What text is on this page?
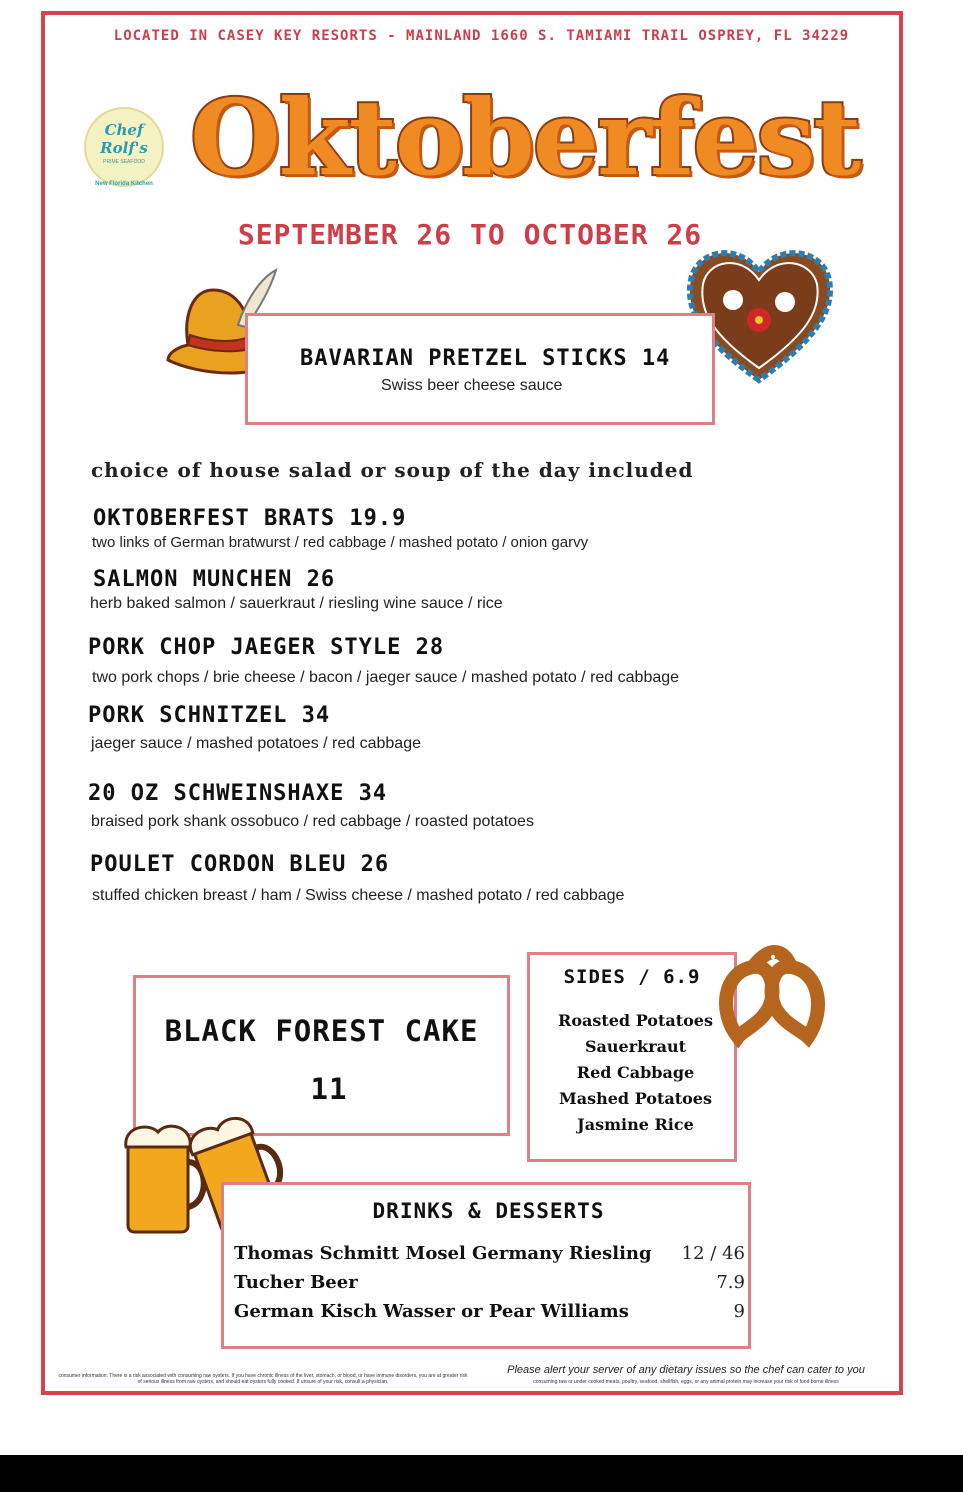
LOCATED IN CASEY KEY RESORTS - MAINLAND 1660 S. TAMIAMI TRAIL OSPREY, FL 34229
Oktoberfest
SEPTEMBER 26 TO OCTOBER 26
Chef Rolf's
PRIME SEAFOOD
New Florida Kitchen
BAVARIAN PRETZEL STICKS 14
Swiss beer cheese sauce
choice of house salad or soup of the day included
OKTOBERFEST BRATS 19.9
two links of German bratwurst / red cabbage / mashed potato / onion garvy
SALMON MUNCHEN 26
herb baked salmon / sauerkraut / riesling wine sauce / rice
PORK CHOP JAEGER STYLE 28
two pork chops / brie cheese / bacon / jaeger sauce / mashed potato / red cabbage
PORK SCHNITZEL 34
jaeger sauce / mashed potatoes / red cabbage
20 OZ SCHWEINSHAXE 34
braised pork shank ossobuco / red cabbage / roasted potatoes
POULET CORDON BLEU 26
stuffed chicken breast / ham / Swiss cheese / mashed potato / red cabbage
BLACK FOREST CAKE
11
SIDES / 6.9
Roasted Potatoes
Sauerkraut
Red Cabbage
Mashed Potatoes
Jasmine Rice
DRINKS & DESSERTS
Thomas Schmitt Mosel Germany Riesling 12 / 46
Tucher Beer	7.9
German Kisch Wasser or Pear Williams	9
consumer information: There is a risk associated with consuming raw oysters. If you have chronic illness of the liver, stomach, or blood, or have immune disorders, you are at greater risk of serious illness from raw oysters, and should eat oysters fully cooked. If unsure of your risk, consult a physician.
Please alert your server of any dietary issues so the chef can cater to you
consuming raw or under cooked meats, poultry, seafood, shellfish, eggs, or any animal protein may increase your risk of food borne illness
